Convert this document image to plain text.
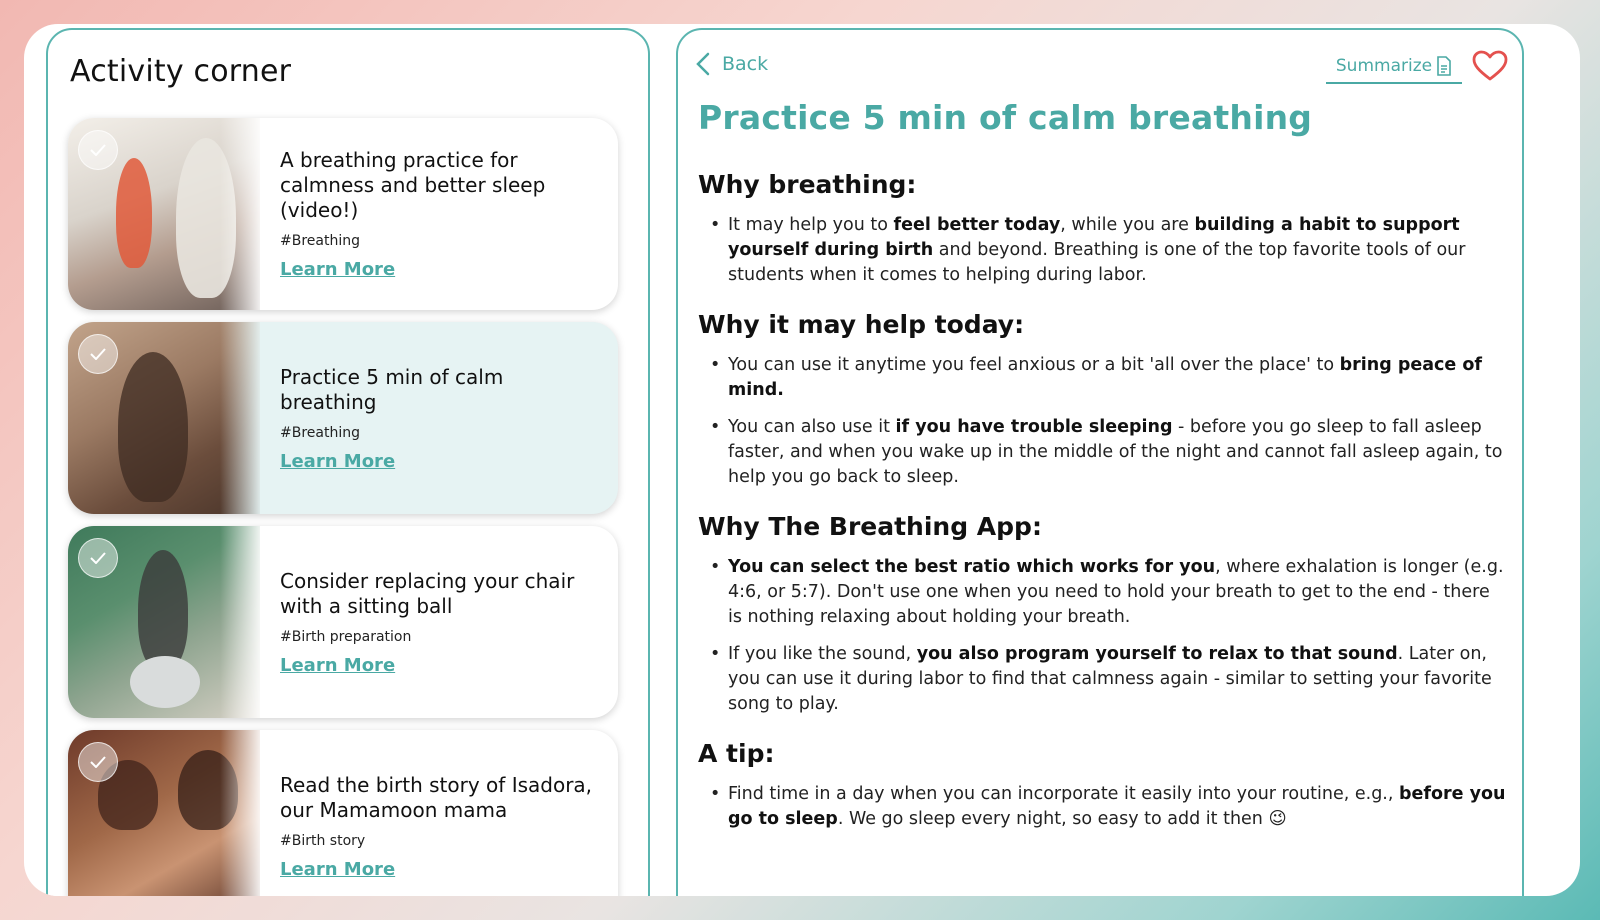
Activity corner
A breathing practice for calmness and better sleep (video!)
#Breathing
Learn More
Practice 5 min of calm breathing
#Breathing
Learn More
Consider replacing your chair with a sitting ball
#Birth preparation
Learn More
Read the birth story of Isadora, our Mamamoon mama
#Birth story
Learn More
Back	Summarize
Practice 5 min of calm breathing
Why breathing:
• It may help you to feel better today, while you are building a habit to support yourself during birth and beyond. Breathing is one of the top favorite tools of our students when it comes to helping during labor.
Why it may help today:
• You can use it anytime you feel anxious or a bit 'all over the place' to bring peace of mind.
• You can also use it if you have trouble sleeping - before you go sleep to fall asleep faster, and when you wake up in the middle of the night and cannot fall asleep again, to help you go back to sleep.
Why The Breathing App:
• You can select the best ratio which works for you, where exhalation is longer (e.g. 4:6, or 5:7). Don't use one when you need to hold your breath to get to the end - there is nothing relaxing about holding your breath.
• If you like the sound, you also program yourself to relax to that sound. Later on, you can use it during labor to find that calmness again - similar to setting your favorite song to play.
A tip:
• Find time in a day when you can incorporate it easily into your routine, e.g., before you go to sleep. We go sleep every night, so easy to add it then 😉
